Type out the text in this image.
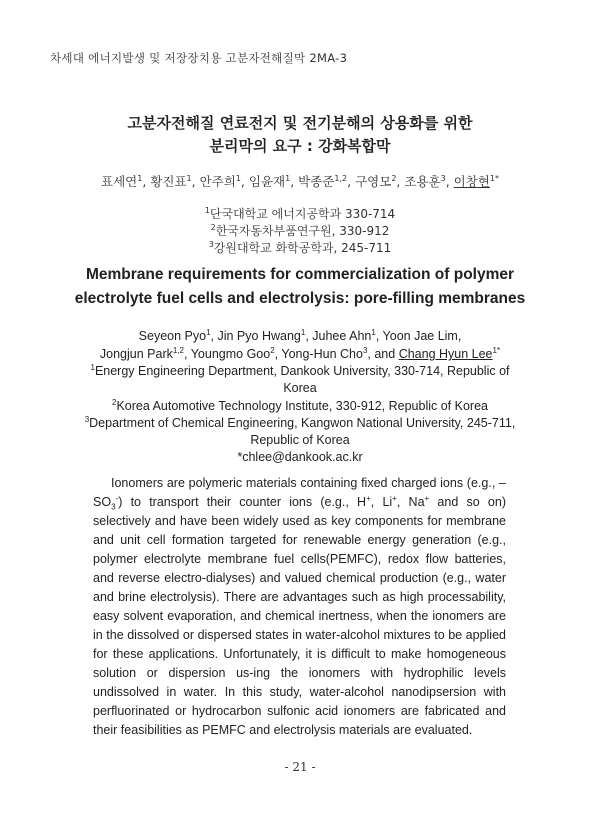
차세대 에너지발생 및 저장장치용 고분자전해질막 2MA-3
고분자전해질 연료전지 및 전기분해의 상용화를 위한
분리막의 요구 : 강화복합막
표세연$^1$, 황진표$^1$, 안주희$^1$, 임윤재$^1$, 박종준$^{1,2}$, 구영모$^2$, 조용훈$^3$, 이창현$^{1*}$
$^1$단국대학교 에너지공학과 330-714
$^2$한국자동차부품연구원, 330-912
$^3$강원대학교 화학공학과, 245-711
Membrane requirements for commercialization of polymer
electrolyte fuel cells and electrolysis: pore-filling membranes
Seyeon Pyo$^1$, Jin Pyo Hwang$^1$, Juhee Ahn$^1$, Yoon Jae Lim,
Jongjun Park$^{1,2}$, Youngmo Goo$^2$, Yong-Hun Cho$^3$, and Chang Hyun Lee$^{1*}$
$^1$Energy Engineering Department, Dankook University, 330-714, Republic of
Korea
$^2$Korea Automotive Technology Institute, 330-912, Republic of Korea
$^3$Department of Chemical Engineering, Kangwon National University, 245-711,
Republic of Korea
*chlee@dankook.ac.kr

Ionomers are polymeric materials containing fixed charged ions (e.g., $-SO_3^-$) to transport their counter ions (e.g., H+, Li+, Na+ and so on) selectively and have been widely used as key components for membrane and unit cell formation targeted for renewable energy generation (e.g., polymer electrolyte membrane fuel cells(PEMFC), redox flow batteries, and reverse electro-dialyses) and valued chemical production (e.g., water and brine electrolysis). There are advantages such as high processability, easy solvent evaporation, and chemical inertness, when the ionomers are in the dissolved or dispersed states in water-alcohol mixtures to be applied for these applications. Unfortunately, it is difficult to make homogeneous solution or dispersion us-ing the ionomers with hydrophilic levels undissolved in water. In this study, water-alcohol nanodipsersion with perfluorinated or hydrocarbon sulfonic acid ionomers are fabricated and their feasibilities as PEMFC and electrolysis materials are evaluated.

- 21 -
